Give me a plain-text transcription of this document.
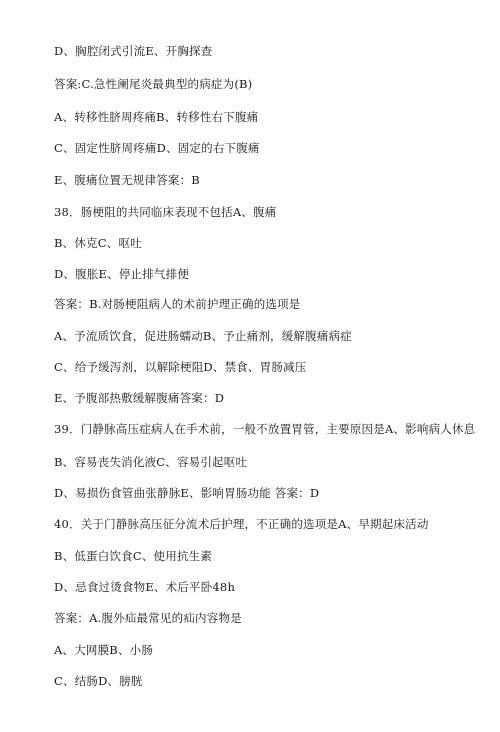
D、胸腔闭式引流E、开胸探查
答案:C.急性阑尾炎最典型的病症为(B)
A、转移性脐周疼痛B、转移性右下腹痛
C、固定性脐周疼痛D、固定的右下腹痛
E、腹痛位置无规律答案：B
38．肠梗阻的共同临床表现不包括A、腹痛
B、休克C、呕吐
D、腹胀E、停止排气排便
答案：B.对肠梗阻病人的术前护理正确的选项是
A、予流质饮食，促进肠蠕动B、予止痛剂，缓解腹痛病症
C、给予缓泻剂，以解除梗阻D、禁食、胃肠减压
E、予腹部热敷缓解腹痛答案：D
39．门静脉高压症病人在手术前，一般不放置胃管，主要原因是A、影响病人休息
B、容易丧失消化液C、容易引起呕吐
D、易损伤食管曲张静脉E、影响胃肠功能 答案：D
40．关于门静脉高压征分流术后护理，不正确的选项是A、早期起床活动
B、低蛋白饮食C、使用抗生素
D、忌食过烫食物E、术后平卧48h
答案：A.腹外疝最常见的疝内容物是
A、大网膜B、小肠
C、结肠D、膀胱
